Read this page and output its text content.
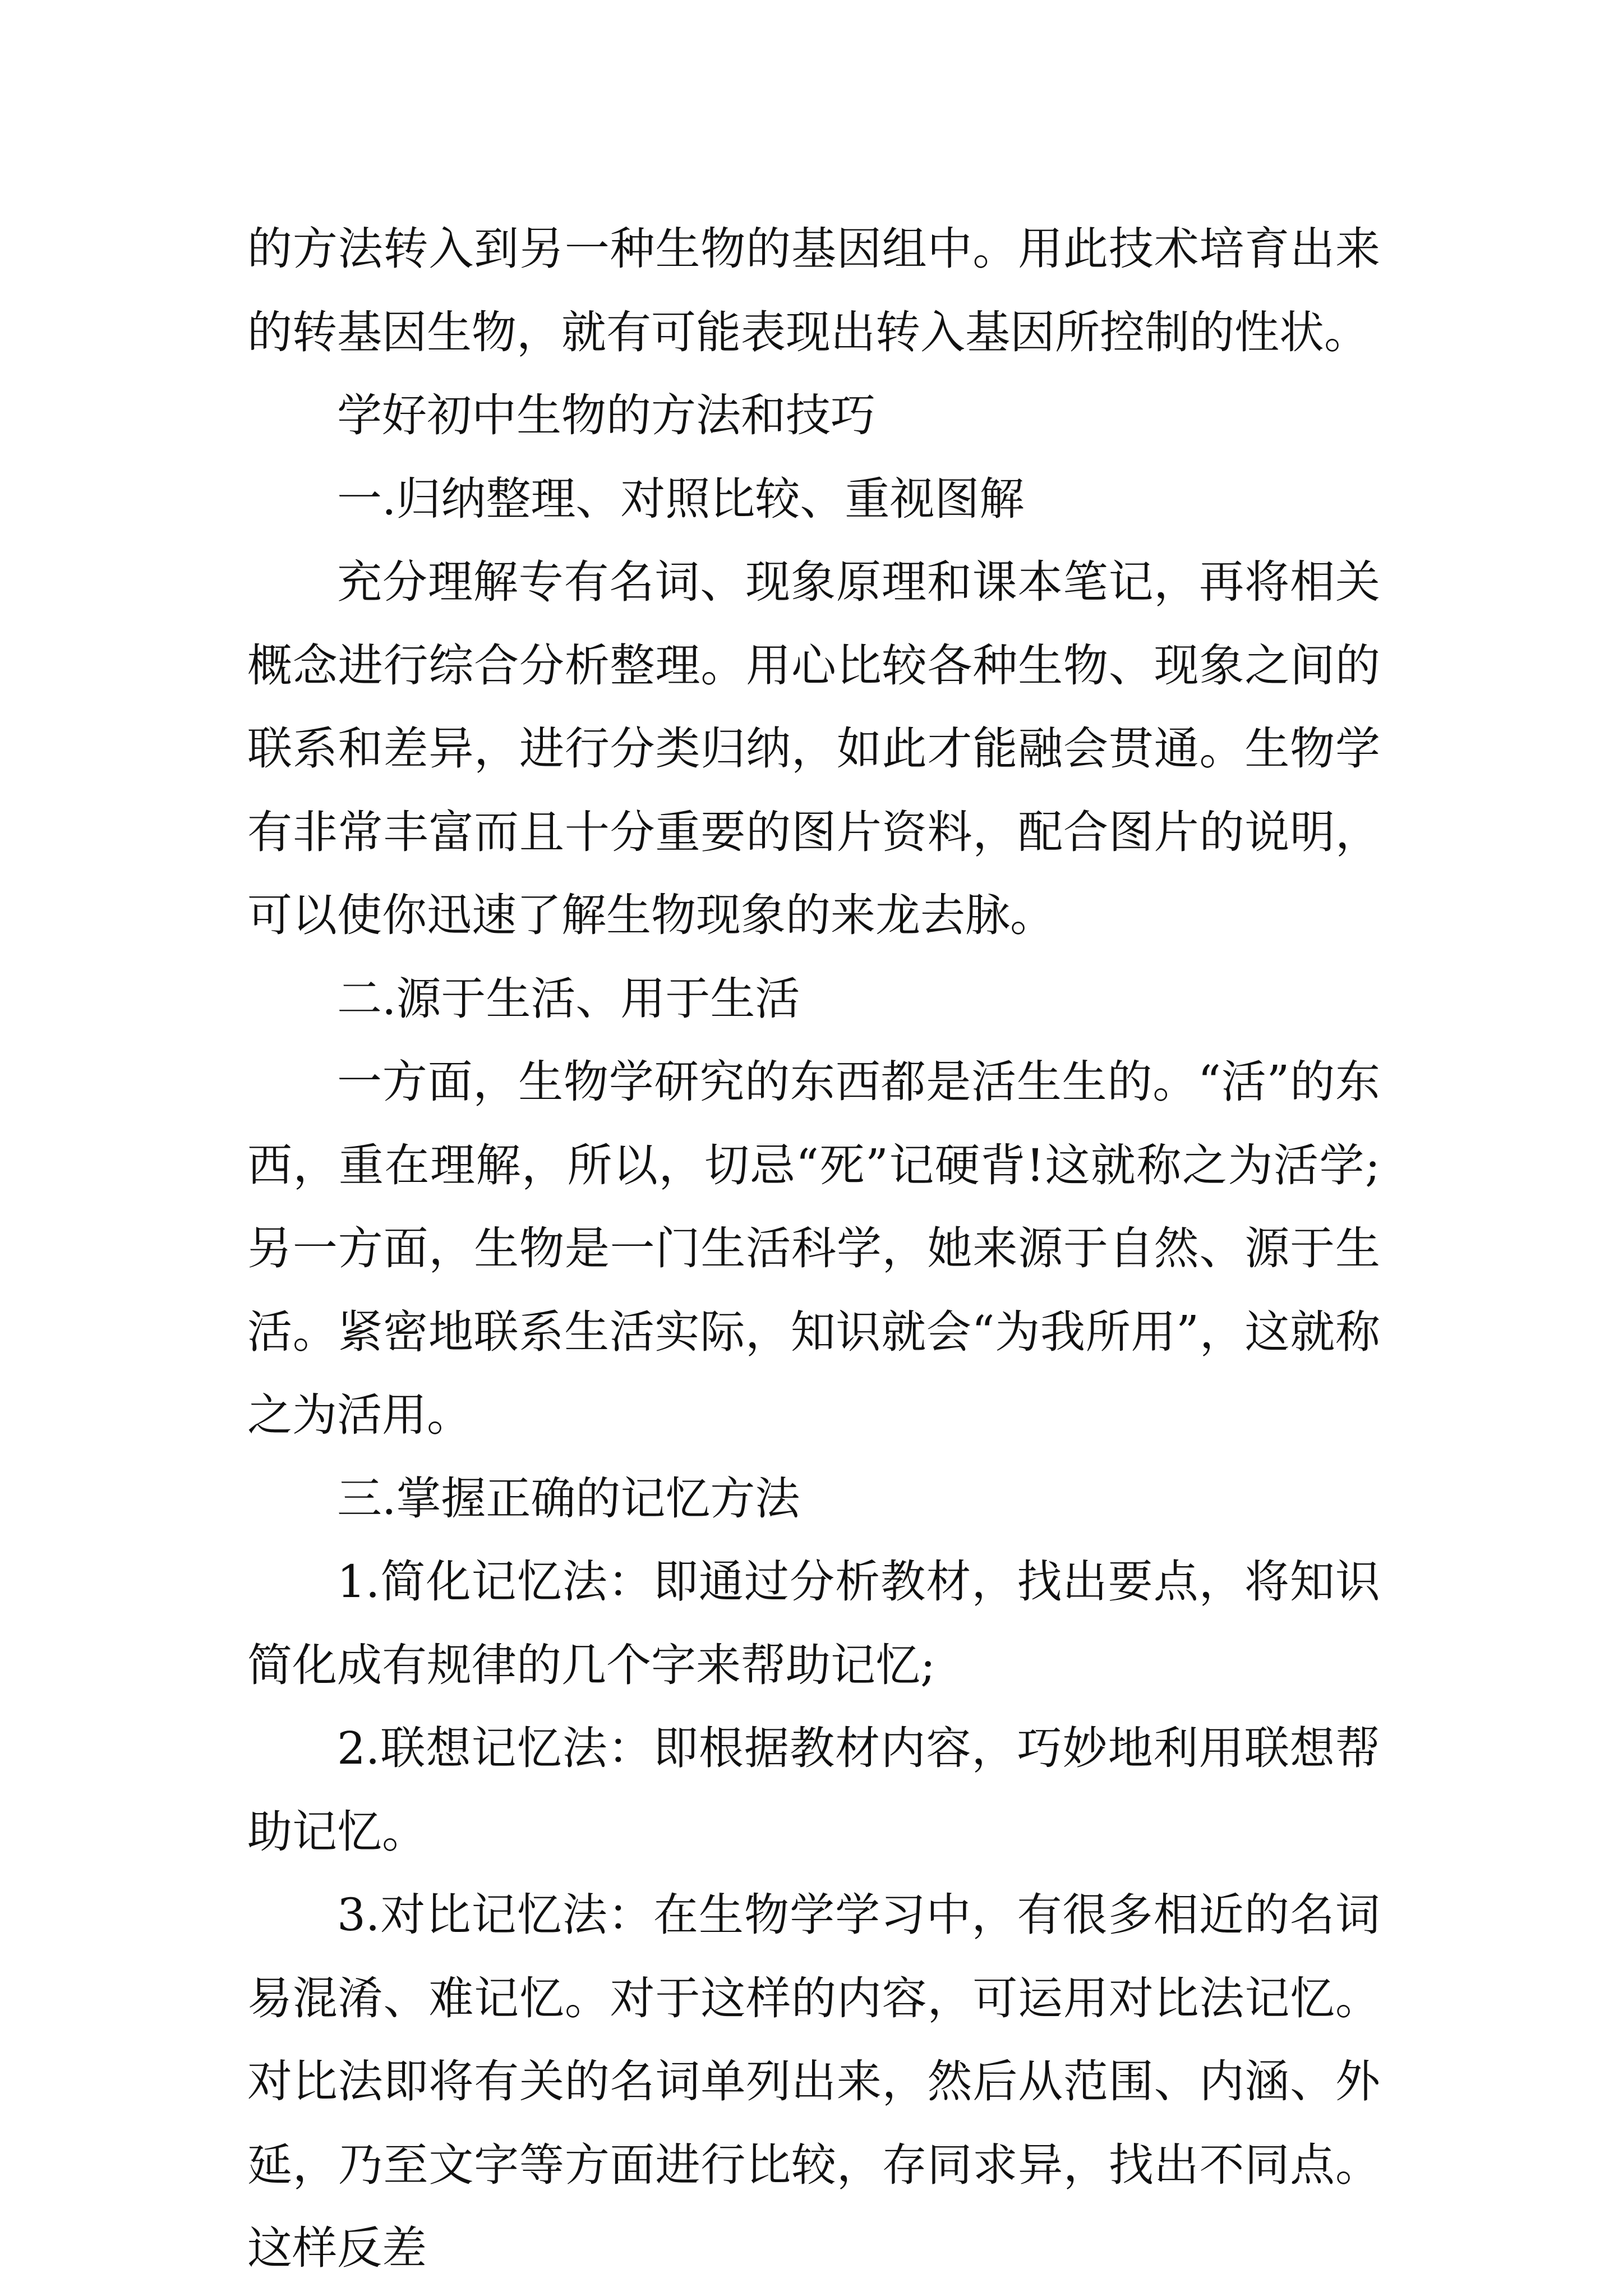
的方法转入到另一种生物的基因组中。用此技术培育出来的转基因生物，就有可能表现出转入基因所控制的性状。

学好初中生物的方法和技巧

一.归纳整理、对照比较、重视图解

充分理解专有名词、现象原理和课本笔记，再将相关概念进行综合分析整理。用心比较各种生物、现象之间的联系和差异，进行分类归纳，如此才能融会贯通。生物学有非常丰富而且十分重要的图片资料，配合图片的说明，可以使你迅速了解生物现象的来龙去脉。

二.源于生活、用于生活

一方面，生物学研究的东西都是活生生的。“活”的东西，重在理解，所以，切忌“死”记硬背!这就称之为活学;另一方面，生物是一门生活科学，她来源于自然、源于生活。紧密地联系生活实际，知识就会“为我所用”，这就称之为活用。

三.掌握正确的记忆方法

1.简化记忆法：即通过分析教材，找出要点，将知识简化成有规律的几个字来帮助记忆;

2.联想记忆法：即根据教材内容，巧妙地利用联想帮助记忆。

3.对比记忆法：在生物学学习中，有很多相近的名词易混淆、难记忆。对于这样的内容，可运用对比法记忆。对比法即将有关的名词单列出来，然后从范围、内涵、外延，乃至文字等方面进行比较，存同求异，找出不同点。这样反差
